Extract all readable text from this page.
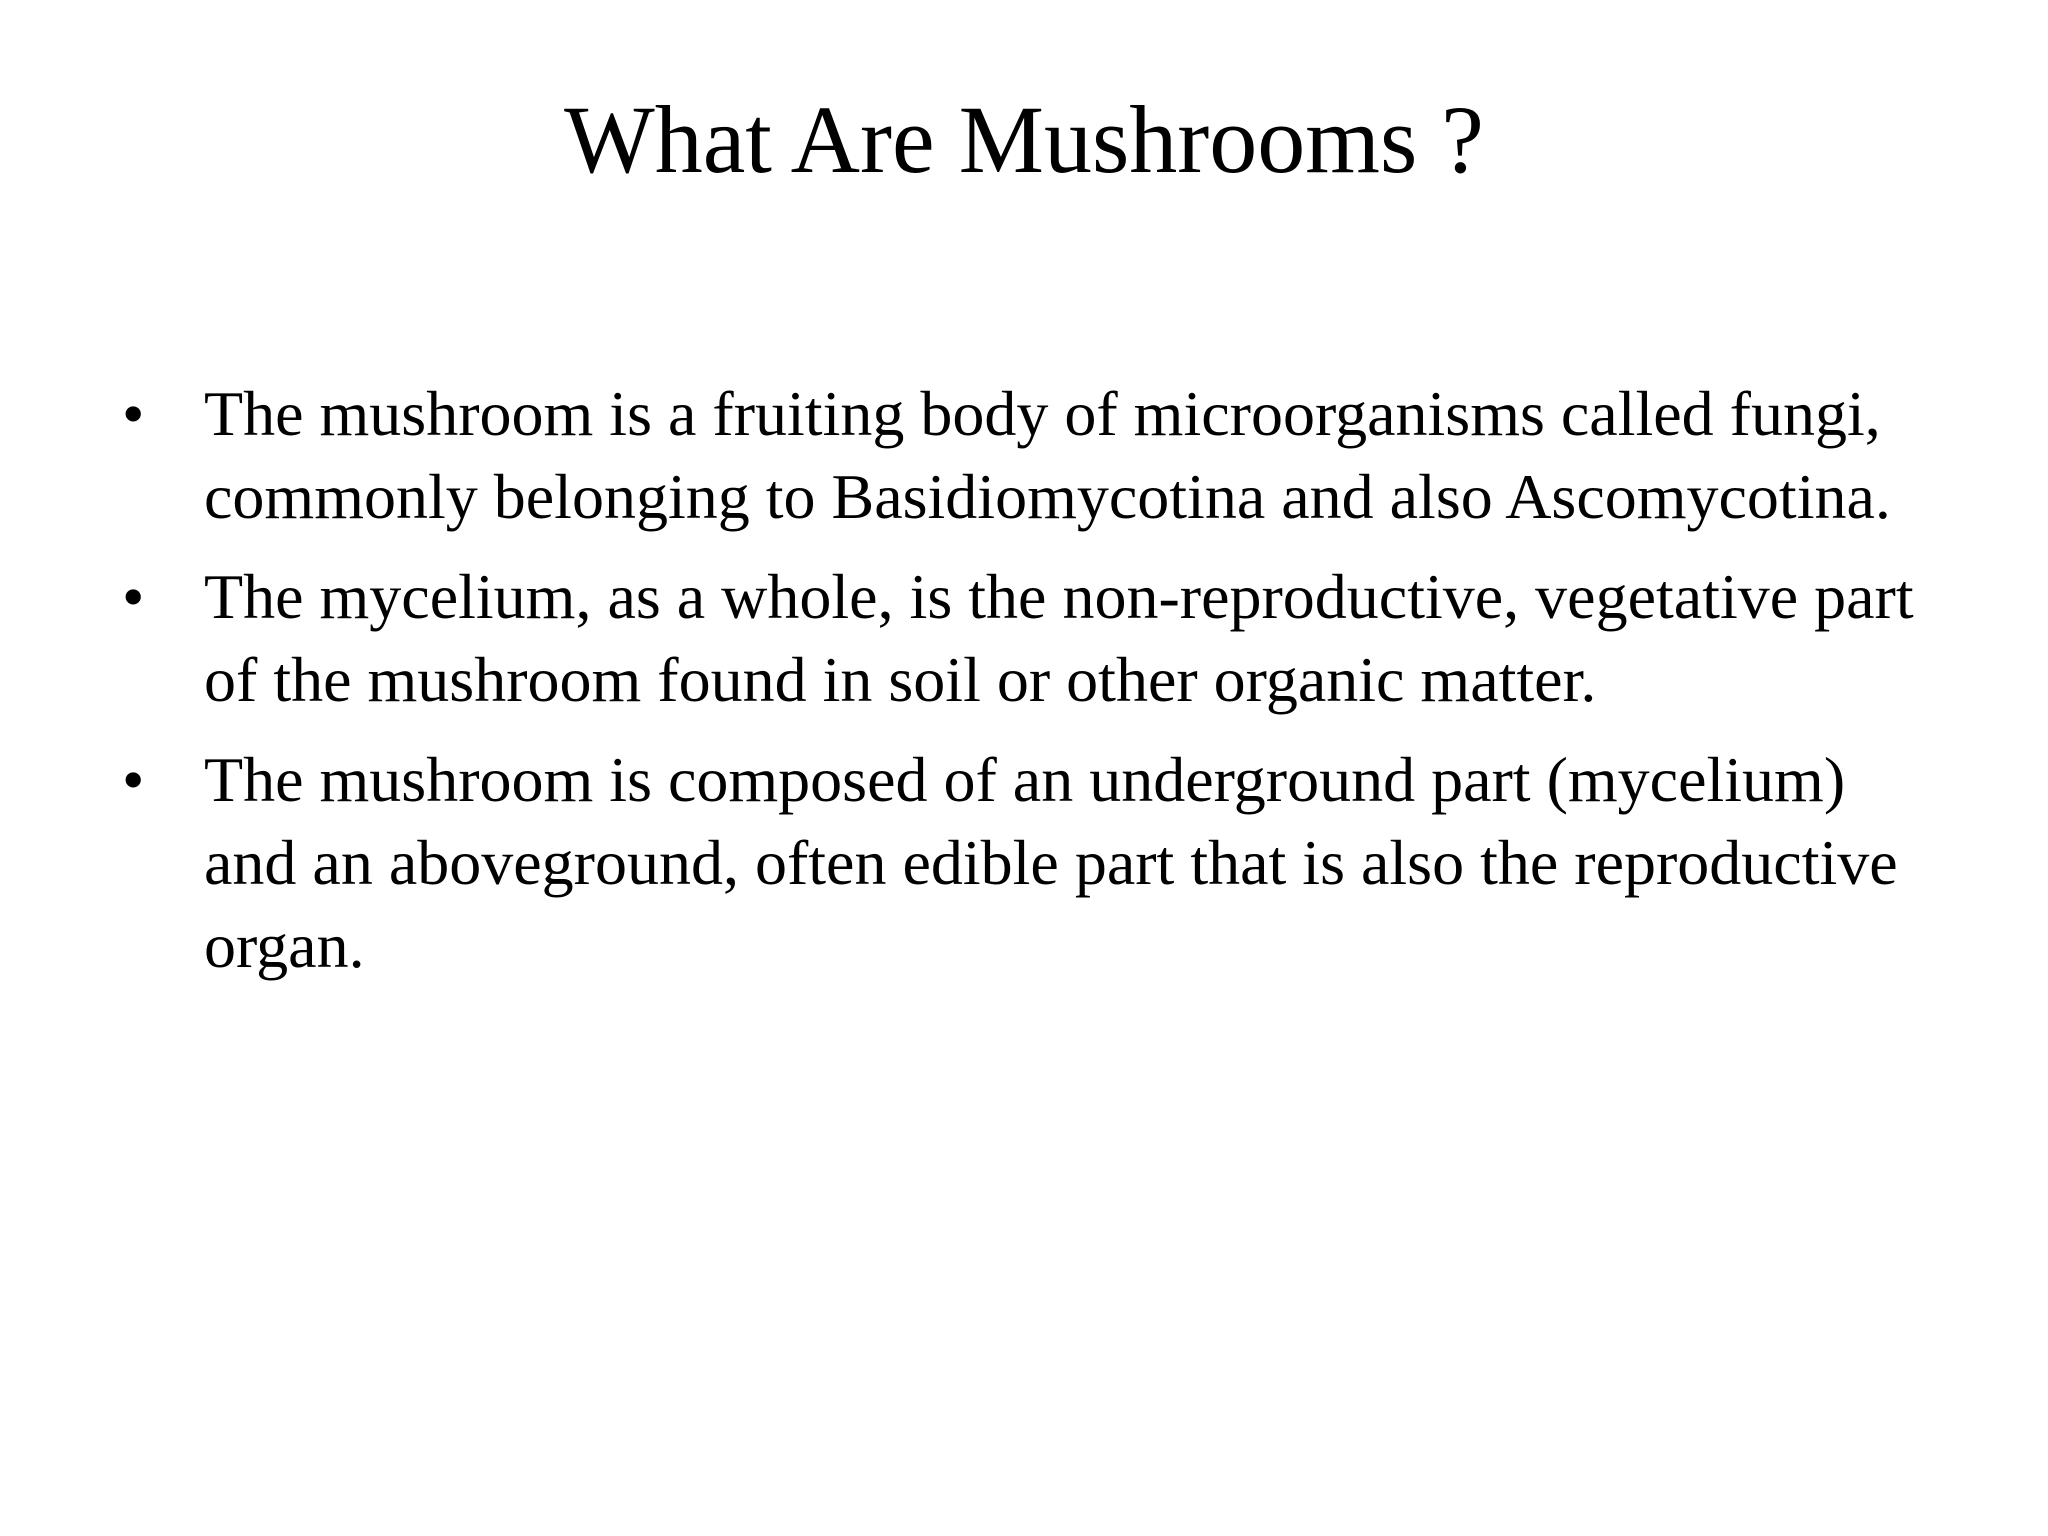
What Are Mushrooms ?
• The mushroom is a fruiting body of microorganisms called fungi, commonly belonging to Basidiomycotina and also Ascomycotina.
• The mycelium, as a whole, is the non-reproductive, vegetative part of the mushroom found in soil or other organic matter.
• The mushroom is composed of an underground part (mycelium) and an aboveground, often edible part that is also the reproductive organ.
